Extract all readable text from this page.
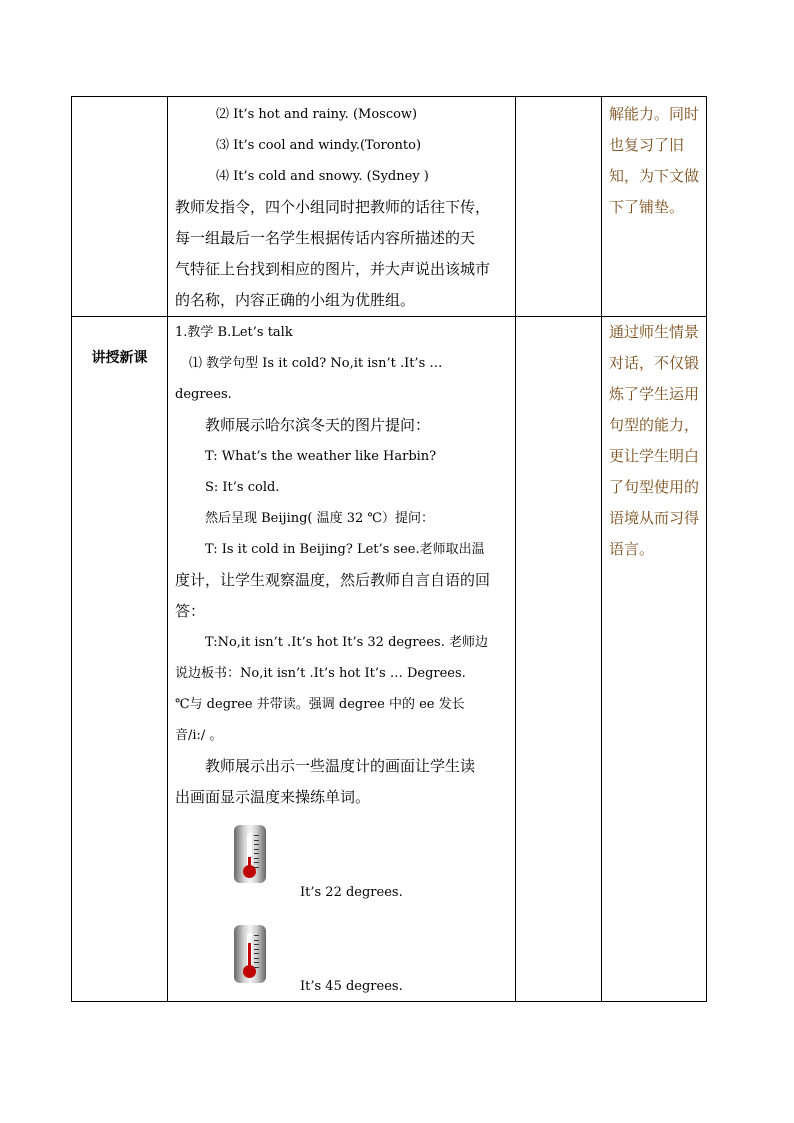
⑵ It’s hot and rainy. (Moscow)
⑶ It’s cool and windy.(Toronto)
⑷ It’s cold and snowy. (Sydney )
教师发指令，四个小组同时把教师的话往下传，
每一组最后一名学生根据传话内容所描述的天
气特征上台找到相应的图片，并大声说出该城市
的名称，内容正确的小组为优胜组。
解能力。同时也复习了旧知，为下文做下了铺垫。
讲授新课
1.教学 B.Let’s talk
⑴ 教学句型 Is it cold? No,it isn’t .It’s …
degrees.
教师展示哈尔滨冬天的图片提问：
T: What’s the weather like Harbin?
S: It’s cold.
然后呈现 Beijing( 温度 32 ℃）提问：
T: Is it cold in Beijing? Let’s see.老师取出温
度计，让学生观察温度，然后教师自言自语的回
答：
T:No,it isn’t .It’s hot It’s 32 degrees. 老师边
说边板书：No,it isn’t .It’s hot It’s … Degrees.
℃与 degree 并带读。强调 degree 中的 ee 发长
音/i:/ 。
教师展示出示一些温度计的画面让学生读
出画面显示温度来操练单词。
It’s 22 degrees.
It’s 45 degrees.
通过师生情景对话，不仅锻炼了学生运用句型的能力，更让学生明白了句型使用的语境从而习得语言。
